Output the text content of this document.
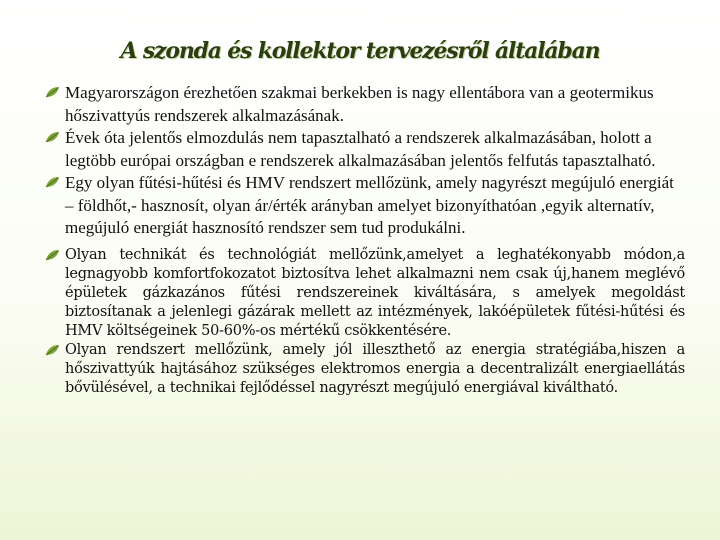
A szonda és kollektor tervezésről általában
Magyarországon érezhetően szakmai berkekben is nagy ellentábora van a geotermikus hőszivattyús rendszerek alkalmazásának.
Évek óta jelentős elmozdulás nem tapasztalható a rendszerek alkalmazásában, holott a legtöbb európai országban e rendszerek alkalmazásában jelentős felfutás tapasztalható.
Egy olyan fűtési-hűtési és HMV rendszert mellőzünk, amely nagyrészt megújuló energiát – földhőt,- hasznosít, olyan ár/érték arányban amelyet bizonyíthatóan ,egyik alternatív, megújuló energiát hasznosító rendszer sem tud produkálni.
Olyan technikát és technológiát mellőzünk,amelyet a leghatékonyabb módon,a legnagyobb komfortfokozatot biztosítva lehet alkalmazni nem csak új,hanem meglévő épületek gázkazános fűtési rendszereinek kiváltására, s amelyek megoldást biztosítanak a jelenlegi gázárak mellett az intézmények, lakóépületek fűtési-hűtési és HMV költségeinek 50-60%-os mértékű csökkentésére.
Olyan rendszert mellőzünk, amely jól illeszthető az energia stratégiába,hiszen a hőszivattyúk hajtásához szükséges elektromos energia a decentralizált energiaellátás bővülésével, a technikai fejlődéssel nagyrészt megújuló energiával kiváltható.
